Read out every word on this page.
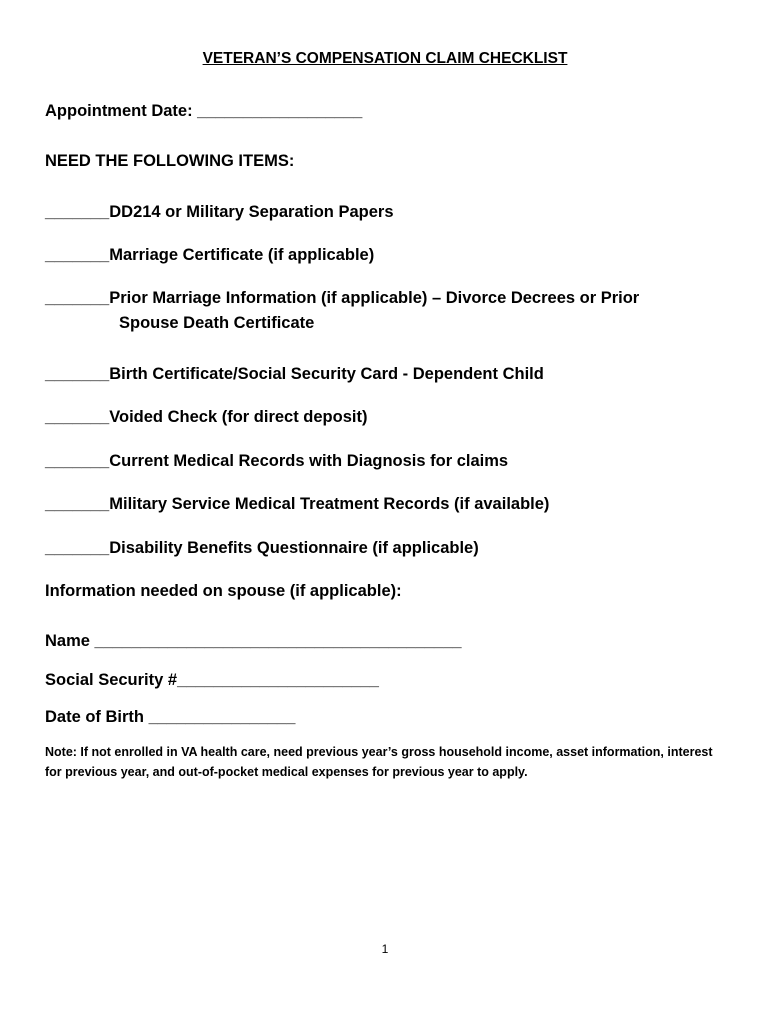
VETERAN’S COMPENSATION CLAIM CHECKLIST
Appointment Date: __________________
NEED THE FOLLOWING ITEMS:
_______DD214 or Military Separation Papers
_______Marriage Certificate (if applicable)
_______Prior Marriage Information (if applicable) – Divorce Decrees or Prior
Spouse Death Certificate
_______Birth Certificate/Social Security Card - Dependent Child
_______Voided Check (for direct deposit)
_______Current Medical Records with Diagnosis for claims
_______Military Service Medical Treatment Records (if available)
_______Disability Benefits Questionnaire (if applicable)
Information needed on spouse (if applicable):
Name ________________________________________
Social Security #______________________
Date of Birth ________________
Note: If not enrolled in VA health care, need previous year’s gross household income, asset information, interest for previous year, and out-of-pocket medical expenses for previous year to apply.
1
